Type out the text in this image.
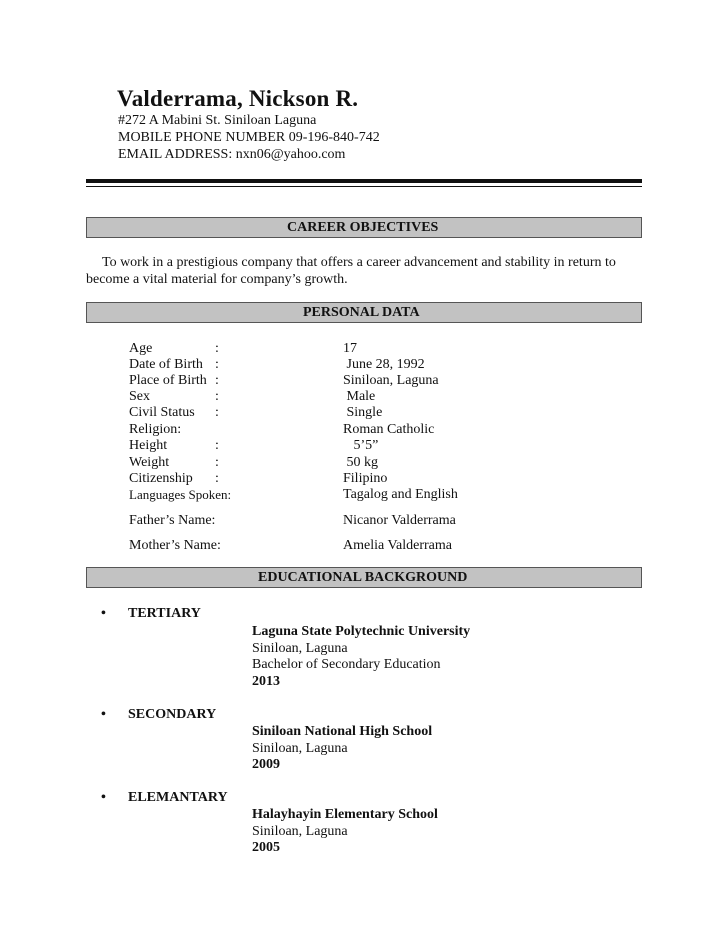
Valderrama, Nickson R.
#272 A Mabini St. Siniloan Laguna
MOBILE PHONE NUMBER 09-196-840-742
EMAIL ADDRESS: nxn06@yahoo.com
CAREER OBJECTIVES
To work in a prestigious company that offers a career advancement and stability in return to
become a vital material for company’s growth.
PERSONAL DATA
Age	:	17
Date of Birth :	June 28, 1992
Place of Birth :	Siniloan, Laguna
Sex	:	Male
Civil Status :	Single
Religion:	Roman Catholic
Height	:	5’5”
Weight	:	50 kg
Citizenship :	Filipino
Languages Spoken:	Tagalog and English
Father’s Name:	Nicanor Valderrama
Mother’s Name:	Amelia Valderrama
EDUCATIONAL BACKGROUND
• TERTIARY
Laguna State Polytechnic University
Siniloan, Laguna
Bachelor of Secondary Education
2013
• SECONDARY
Siniloan National High School
Siniloan, Laguna
2009
• ELEMANTARY
Halayhayin Elementary School
Siniloan, Laguna
2005
